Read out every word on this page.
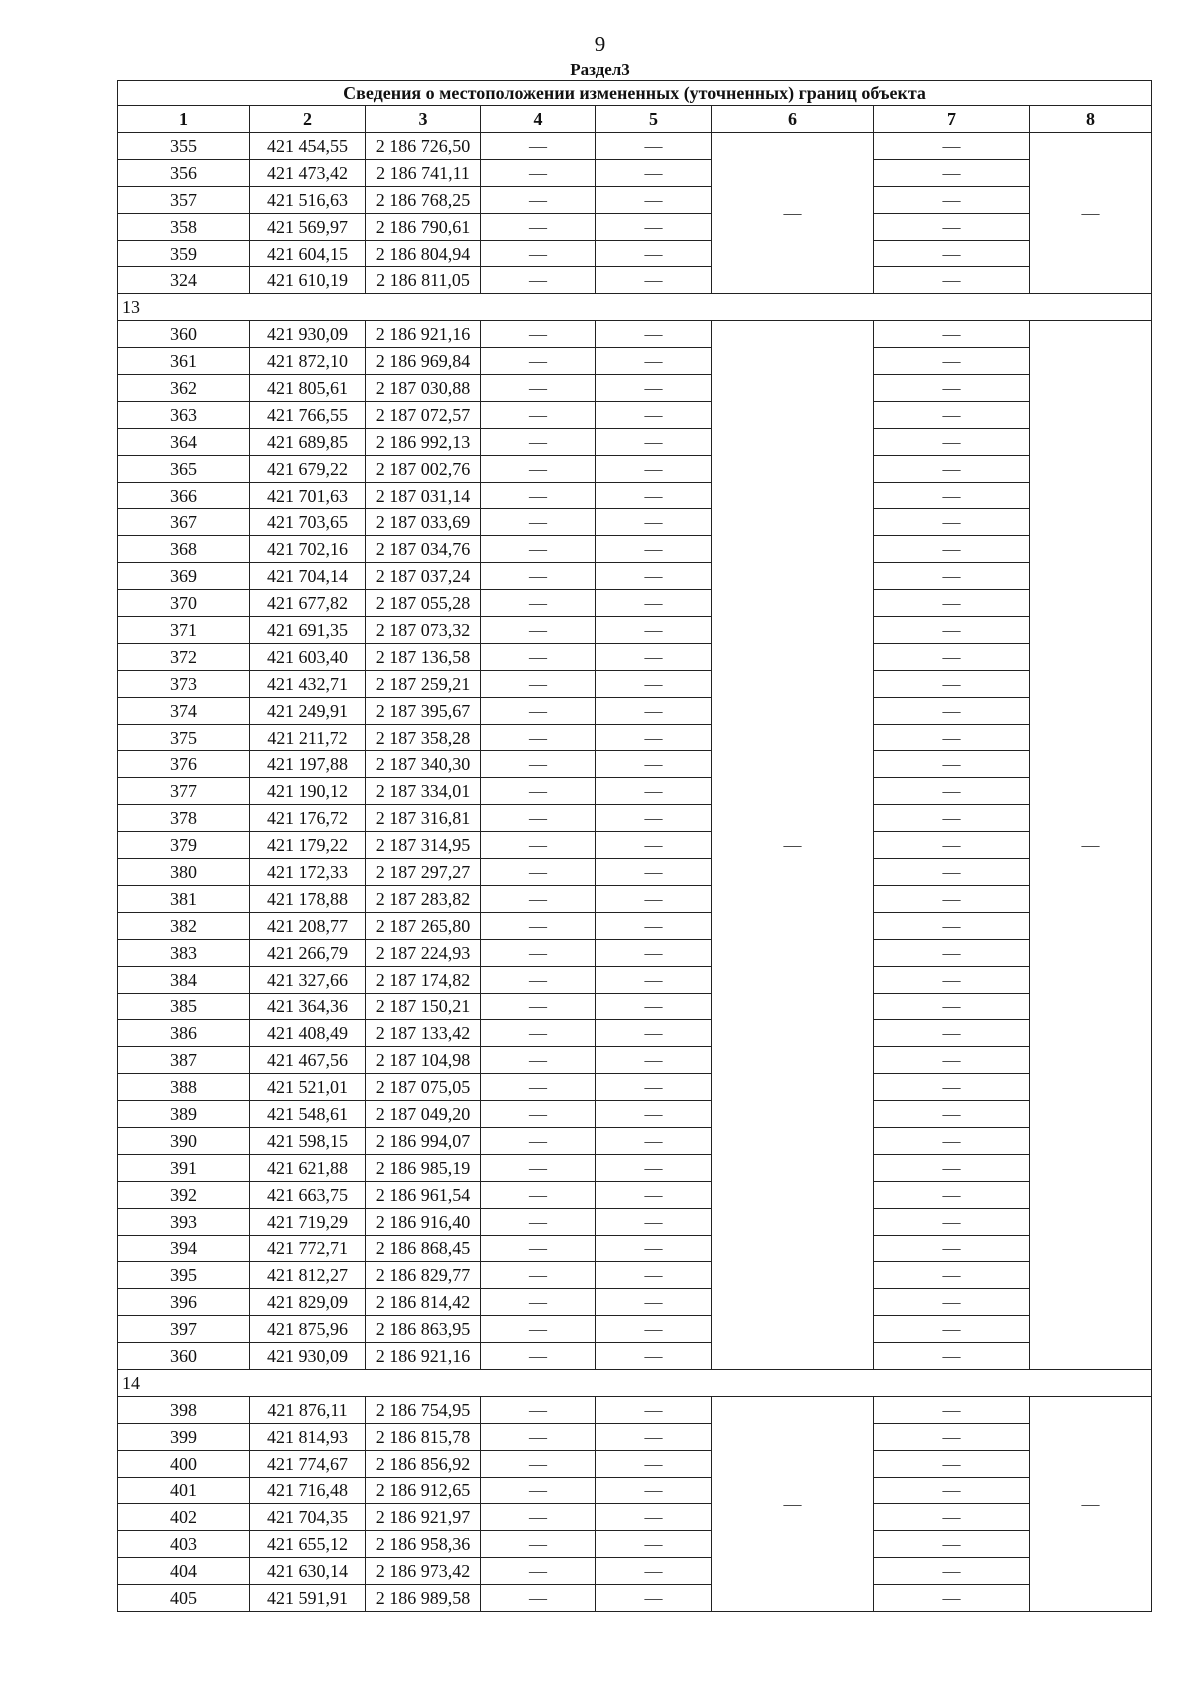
9
Раздел3
Сведения о местоположении измененных (уточненных) границ объекта							
1	2	3	4	5	6	7	8
355	421 454,55	2 186 726,50	—	—	—	—	—
356	421 473,42	2 186 741,11	—	—		—	
357	421 516,63	2 186 768,25	—	—		—	
358	421 569,97	2 186 790,61	—	—		—	
359	421 604,15	2 186 804,94	—	—		—	
324	421 610,19	2 186 811,05	—	—		—	
13							
360	421 930,09	2 186 921,16	—	—	—	—	—
361	421 872,10	2 186 969,84	—	—		—	
362	421 805,61	2 187 030,88	—	—		—	
363	421 766,55	2 187 072,57	—	—		—	
364	421 689,85	2 186 992,13	—	—		—	
365	421 679,22	2 187 002,76	—	—		—	
366	421 701,63	2 187 031,14	—	—		—	
367	421 703,65	2 187 033,69	—	—		—	
368	421 702,16	2 187 034,76	—	—		—	
369	421 704,14	2 187 037,24	—	—		—	
370	421 677,82	2 187 055,28	—	—		—	
371	421 691,35	2 187 073,32	—	—		—	
372	421 603,40	2 187 136,58	—	—		—	
373	421 432,71	2 187 259,21	—	—		—	
374	421 249,91	2 187 395,67	—	—		—	
375	421 211,72	2 187 358,28	—	—		—	
376	421 197,88	2 187 340,30	—	—		—	
377	421 190,12	2 187 334,01	—	—		—	
378	421 176,72	2 187 316,81	—	—		—	
379	421 179,22	2 187 314,95	—	—		—	
380	421 172,33	2 187 297,27	—	—		—	
381	421 178,88	2 187 283,82	—	—		—	
382	421 208,77	2 187 265,80	—	—		—	
383	421 266,79	2 187 224,93	—	—		—	
384	421 327,66	2 187 174,82	—	—		—	
385	421 364,36	2 187 150,21	—	—		—	
386	421 408,49	2 187 133,42	—	—		—	
387	421 467,56	2 187 104,98	—	—		—	
388	421 521,01	2 187 075,05	—	—		—	
389	421 548,61	2 187 049,20	—	—		—	
390	421 598,15	2 186 994,07	—	—		—	
391	421 621,88	2 186 985,19	—	—		—	
392	421 663,75	2 186 961,54	—	—		—	
393	421 719,29	2 186 916,40	—	—		—	
394	421 772,71	2 186 868,45	—	—		—	
395	421 812,27	2 186 829,77	—	—		—	
396	421 829,09	2 186 814,42	—	—		—	
397	421 875,96	2 186 863,95	—	—		—	
360	421 930,09	2 186 921,16	—	—		—	
14							
398	421 876,11	2 186 754,95	—	—	—	—	—
399	421 814,93	2 186 815,78	—	—		—	
400	421 774,67	2 186 856,92	—	—		—	
401	421 716,48	2 186 912,65	—	—		—	
402	421 704,35	2 186 921,97	—	—		—	
403	421 655,12	2 186 958,36	—	—		—	
404	421 630,14	2 186 973,42	—	—		—	
405	421 591,91	2 186 989,58	—	—		—	
